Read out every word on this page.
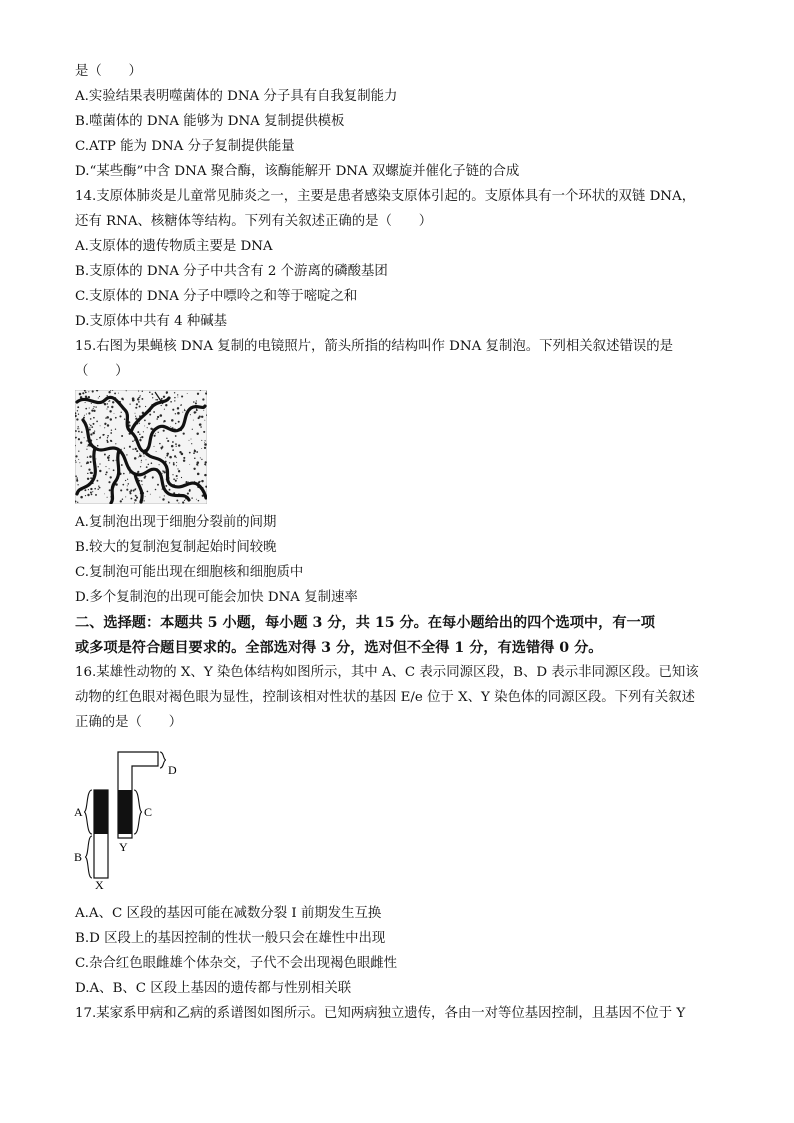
是（　　）
A.实验结果表明噬菌体的 DNA 分子具有自我复制能力
B.噬菌体的 DNA 能够为 DNA 复制提供模板
C.ATP 能为 DNA 分子复制提供能量
D.“某些酶”中含 DNA 聚合酶，该酶能解开 DNA 双螺旋并催化子链的合成
14.支原体肺炎是儿童常见肺炎之一，主要是患者感染支原体引起的。支原体具有一个环状的双链 DNA，
还有 RNA、核糖体等结构。下列有关叙述正确的是（　　）
A.支原体的遗传物质主要是 DNA
B.支原体的 DNA 分子中共含有 2 个游离的磷酸基团
C.支原体的 DNA 分子中嘌呤之和等于嘧啶之和
D.支原体中共有 4 种碱基
15.右图为果蝇核 DNA 复制的电镜照片，箭头所指的结构叫作 DNA 复制泡。下列相关叙述错误的是
（　　）
A.复制泡出现于细胞分裂前的间期
B.较大的复制泡复制起始时间较晚
C.复制泡可能出现在细胞核和细胞质中
D.多个复制泡的出现可能会加快 DNA 复制速率
二、选择题：本题共 5 小题，每小题 3 分，共 15 分。在每小题给出的四个选项中，有一项
或多项是符合题目要求的。全部选对得 3 分，选对但不全得 1 分，有选错得 0 分。
16.某雄性动物的 X、Y 染色体结构如图所示，其中 A、C 表示同源区段，B、D 表示非同源区段。已知该
动物的红色眼对褐色眼为显性，控制该相对性状的基因 E/e 位于 X、Y 染色体的同源区段。下列有关叙述
正确的是（　　）
A
B
C
D
Y
X
A.A、C 区段的基因可能在减数分裂 I 前期发生互换
B.D 区段上的基因控制的性状一般只会在雄性中出现
C.杂合红色眼雌雄个体杂交，子代不会出现褐色眼雌性
D.A、B、C 区段上基因的遗传都与性别相关联
17.某家系甲病和乙病的系谱图如图所示。已知两病独立遗传，各由一对等位基因控制，且基因不位于 Y
